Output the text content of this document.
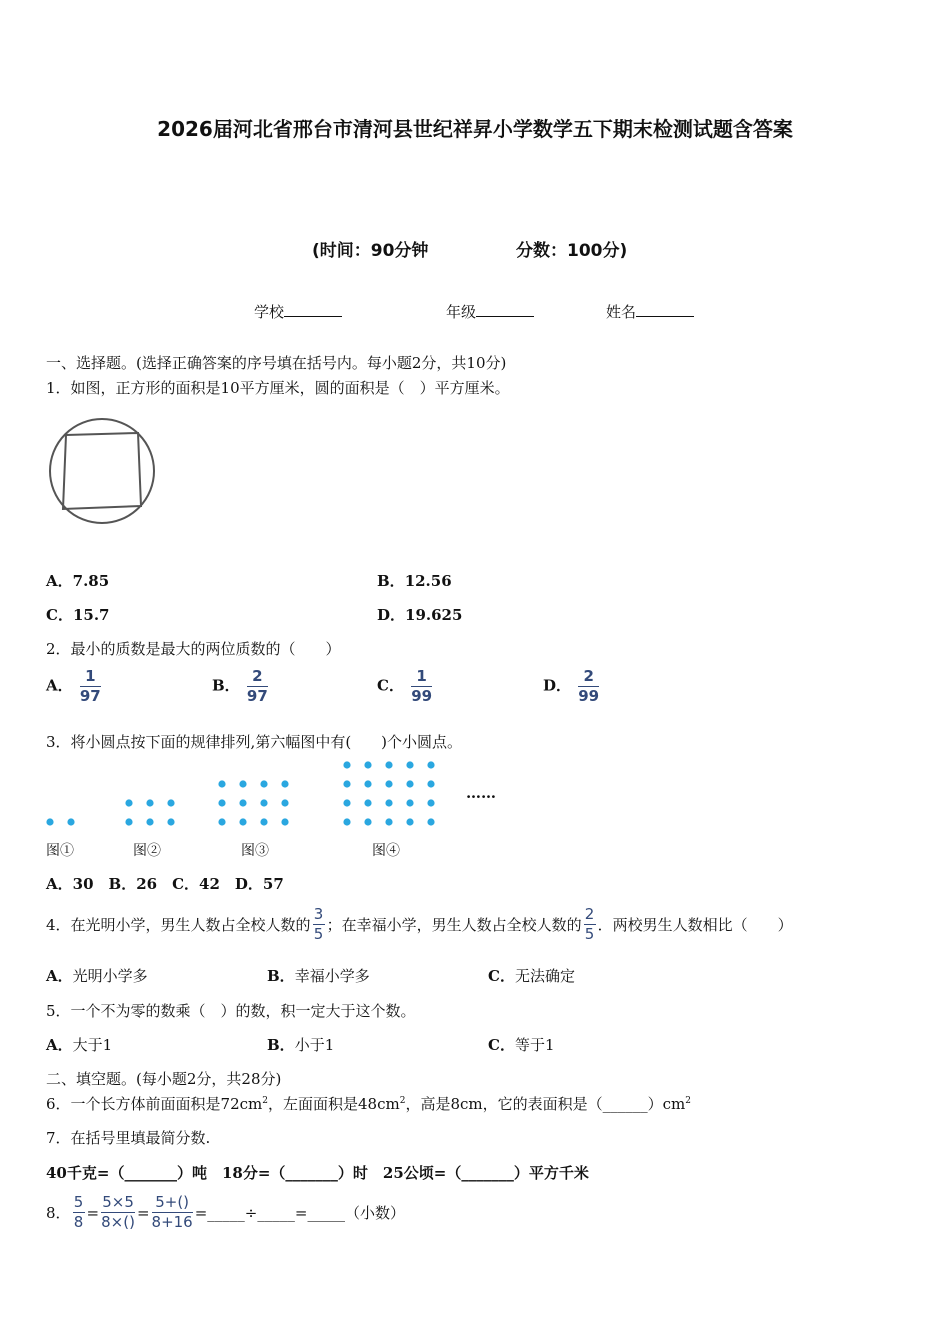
2026届河北省邢台市清河县世纪祥昇小学数学五下期末检测试题含答案
(时间：90分钟	分数：100分)
学校	年级	姓名
一、选择题。(选择正确答案的序号填在括号内。每小题2分，共10分)
1．如图，正方形的面积是10平方厘米，圆的面积是（　）平方厘米。
A．7.85	B．12.56
C．15.7	D．19.625
2．最小的质数是最大的两位质数的（　　）
A． $\frac{1}{97}$	B． $\frac{2}{97}$	C． $\frac{1}{99}$	D． $\frac{2}{99}$
3．将小圆点按下面的规律排列,第六幅图中有(　　)个小圆点。
……
图①	图②	图③	图④
A．30　B．26　C．42　D．57
4． 在光明小学，男生人数占全校人数的 $\frac{3}{5}$ ；在幸福小学，男生人数占全校人数的 $\frac{2}{5}$ ．两校男生人数相比（　　）
A．光明小学多	B．幸福小学多	C．无法确定
5．一个不为零的数乘（　）的数，积一定大于这个数。
A．大于1	B．小于1	C．等于1
二、填空题。(每小题2分，共28分)
6．一个长方体前面面积是$72cm^2$，左面面积是$48cm^2$，高是8cm，它的表面积是$(\_\_\_\_\_\_)cm^2$
7．在括号里填最简分数.
40千克=（_______）吨　18分=（_______）时　25公顷=（_______）平方千米
8． $\frac{5}{8} = \frac{5\times 5}{8\times()} = \frac{5+()}{8+16}$ =_____÷_____=_____（小数）
